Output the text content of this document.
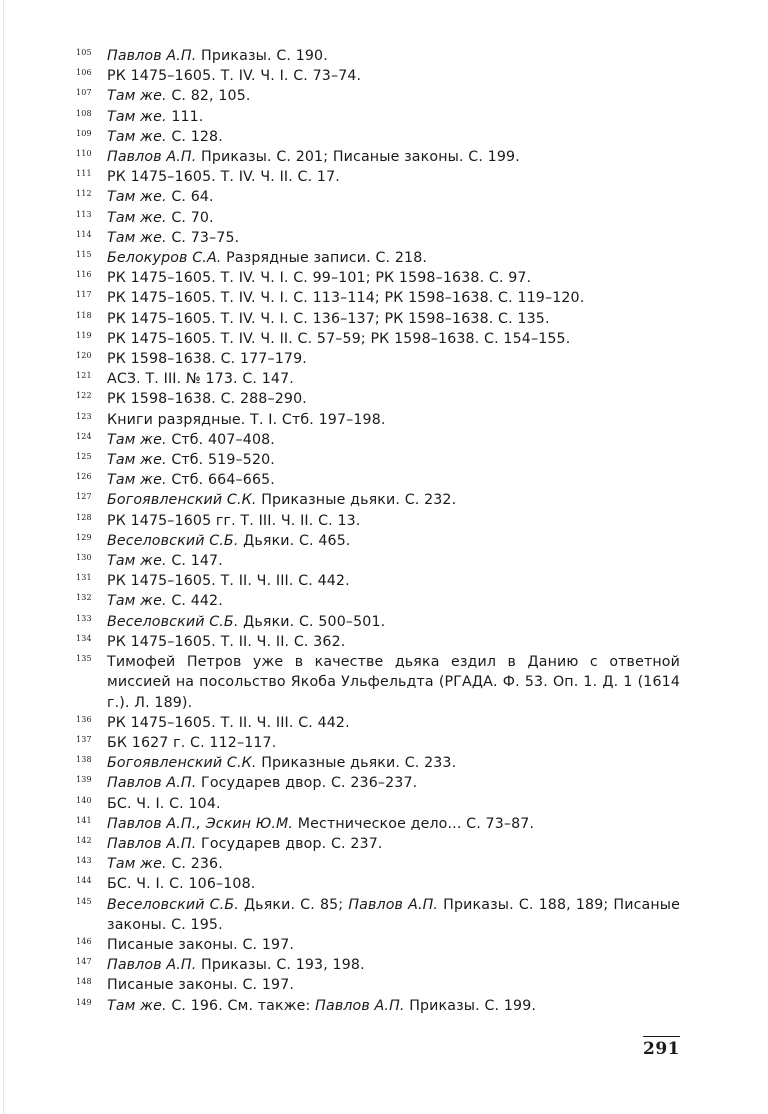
105	Павлов А.П. Приказы. С. 190.
106	РК 1475–1605. Т. IV. Ч. I. С. 73–74.
107	Там же. С. 82, 105.
108	Там же. 111.
109	Там же. С. 128.
110	Павлов А.П. Приказы. С. 201; Писаные законы. С. 199.
111	РК 1475–1605. Т. IV. Ч. II. С. 17.
112	Там же. С. 64.
113	Там же. С. 70.
114	Там же. С. 73–75.
115	Белокуров С.А. Разрядные записи. С. 218.
116	РК 1475–1605. Т. IV. Ч. I. С. 99–101; РК 1598–1638. С. 97.
117	РК 1475–1605. Т. IV. Ч. I. С. 113–114; РК 1598–1638. С. 119–120.
118	РК 1475–1605. Т. IV. Ч. I. С. 136–137; РК 1598–1638. С. 135.
119	РК 1475–1605. Т. IV. Ч. II. С. 57–59; РК 1598–1638. С. 154–155.
120	РК 1598–1638. С. 177–179.
121	АСЗ. Т. III. № 173. С. 147.
122	РК 1598–1638. С. 288–290.
123	Книги разрядные. Т. I. Стб. 197–198.
124	Там же. Стб. 407–408.
125	Там же. Стб. 519–520.
126	Там же. Стб. 664–665.
127	Богоявленский С.К. Приказные дьяки. С. 232.
128	РК 1475–1605 гг. Т. III. Ч. II. С. 13.
129	Веселовский С.Б. Дьяки. С. 465.
130	Там же. С. 147.
131	РК 1475–1605. Т. II. Ч. III. С. 442.
132	Там же. С. 442.
133	Веселовский С.Б. Дьяки. С. 500–501.
134	РК 1475–1605. Т. II. Ч. II. С. 362.
135	Тимофей Петров уже в качестве дьяка ездил в Данию с ответной миссией на посольство Якоба Ульфельдта (РГАДА. Ф. 53. Оп. 1. Д. 1 (1614 г.). Л. 189).
136	РК 1475–1605. Т. II. Ч. III. С. 442.
137	БК 1627 г. С. 112–117.
138	Богоявленский С.К. Приказные дьяки. С. 233.
139	Павлов А.П. Государев двор. С. 236–237.
140	БС. Ч. I. С. 104.
141	Павлов А.П., Эскин Ю.М. Местническое дело... С. 73–87.
142	Павлов А.П. Государев двор. С. 237.
143	Там же. С. 236.
144	БС. Ч. I. С. 106–108.
145	Веселовский С.Б. Дьяки. С. 85; Павлов А.П. Приказы. С. 188, 189; Писаные законы. С. 195.
146	Писаные законы. С. 197.
147	Павлов А.П. Приказы. С. 193, 198.
148	Писаные законы. С. 197.
149	Там же. С. 196. См. также: Павлов А.П. Приказы. С. 199.
291
